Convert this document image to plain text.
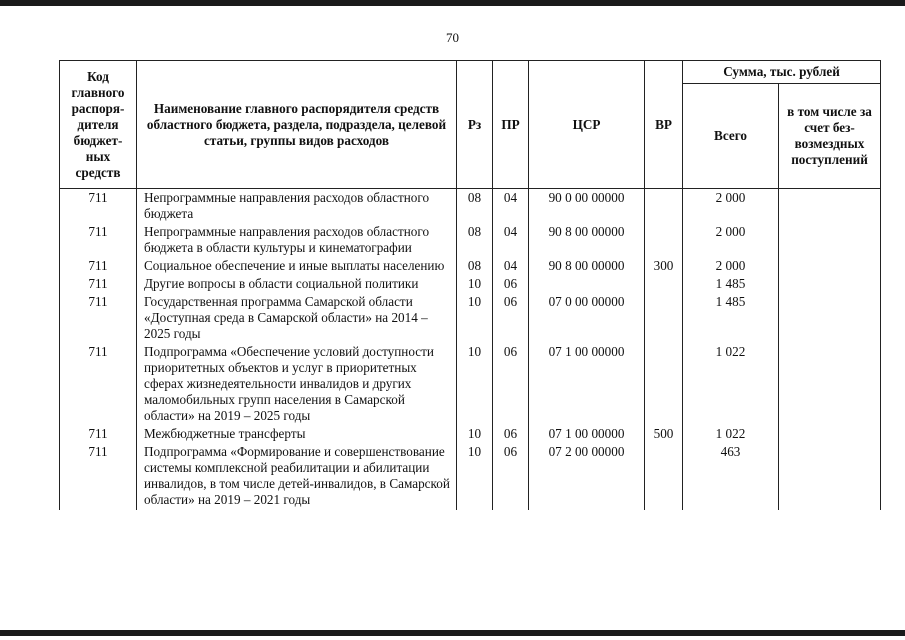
70
Код главного распоря-дителя бюджет-ных средств	Наименование главного распорядителя средств областного бюджета, раздела, подраздела, целевой статьи, группы видов расходов	Рз	ПР	ЦСР	ВР	Сумма, тыс. рублей	
						Всего	в том числе за счет без-возмездных поступлений
711	Непрограммные направления расходов областного бюджета	08	04	90 0 00 00000		2 000	
711	Непрограммные направления расходов областного бюджета в области культуры и кинематографии	08	04	90 8 00 00000		2 000	
711	Социальное обеспечение и иные выплаты населению	08	04	90 8 00 00000	300	2 000	
711	Другие вопросы в области социальной политики	10	06			1 485	
711	Государственная программа Самарской области «Доступная среда в Самарской области» на 2014 – 2025 годы	10	06	07 0 00 00000		1 485	
711	Подпрограмма «Обеспечение условий доступности приоритетных объектов и услуг в приоритетных сферах жизнедеятельности инвалидов и других маломобильных групп населения в Самарской области» на 2019 – 2025 годы	10	06	07 1 00 00000		1 022	
711	Межбюджетные трансферты	10	06	07 1 00 00000	500	1 022	
711	Подпрограмма «Формирование и совершенствование системы комплексной реабилитации и абилитации инвалидов, в том числе детей-инвалидов, в Самарской области» на 2019 – 2021 годы	10	06	07 2 00 00000		463	
